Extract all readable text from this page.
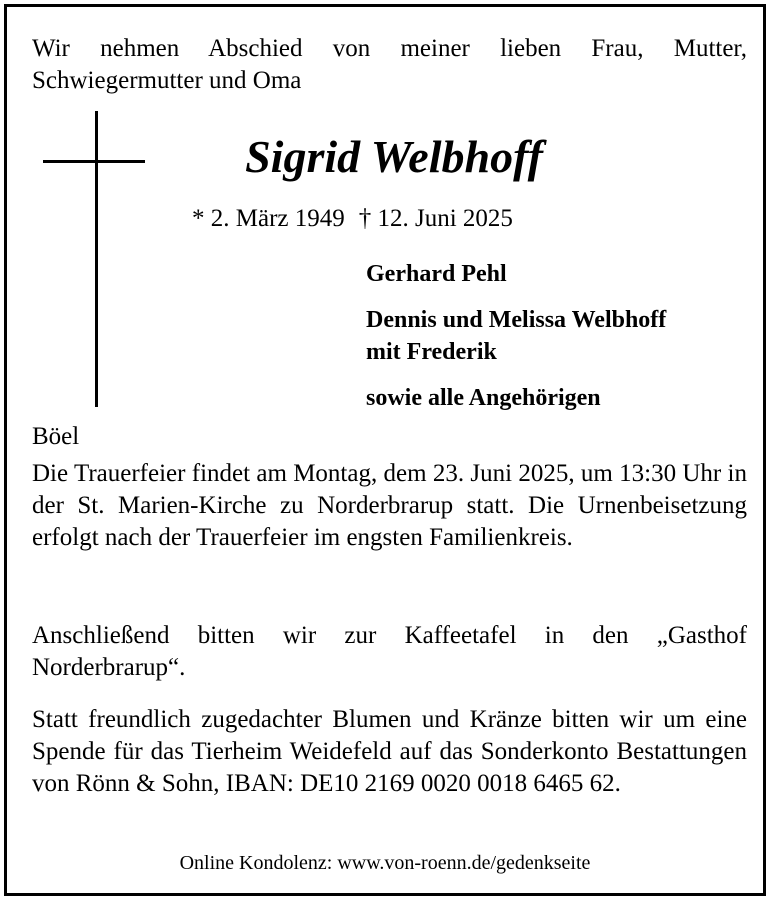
Wir nehmen Abschied von meiner lieben Frau, Mutter,
Schwiegermutter und Oma
Sigrid Welbhoff
* 2. März 1949 † 12. Juni 2025
Gerhard Pehl
Dennis und Melissa Welbhoff
mit Frederik
sowie alle Angehörigen
Böel
Die Trauerfeier findet am Montag, dem 23. Juni 2025, um 13:30 Uhr in der St. Marien-Kirche zu Norderbrarup statt. Die Urnenbeisetzung erfolgt nach der Trauerfeier im engsten Familienkreis.
Anschließend bitten wir zur Kaffeetafel in den „Gasthof Norderbrarup“.
Statt freundlich zugedachter Blumen und Kränze bitten wir um eine Spende für das Tierheim Weidefeld auf das Sonderkonto Bestattungen von Rönn & Sohn, IBAN: DE10 2169 0020 0018 6465 62.
Online Kondolenz: www.von-roenn.de/gedenkseite
